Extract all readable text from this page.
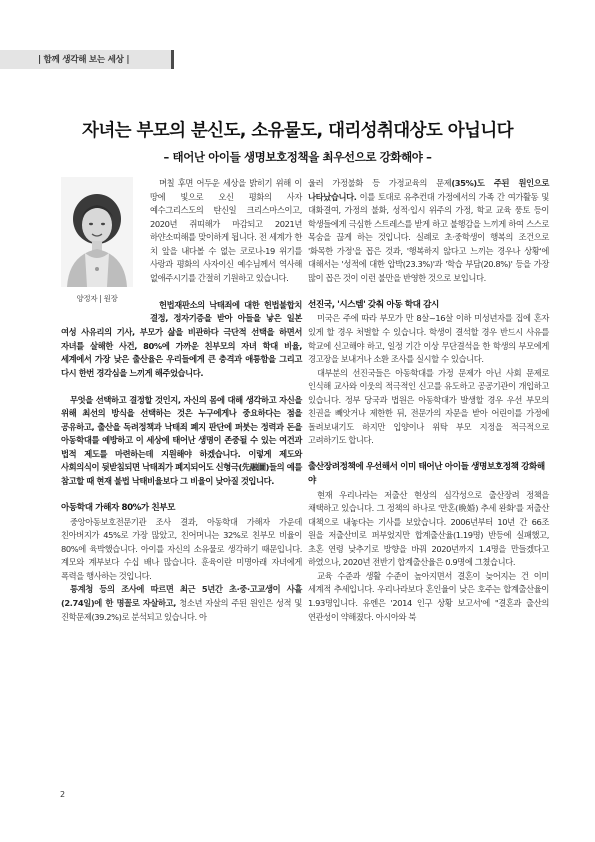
| 함께 생각해 보는 세상 |
자녀는 부모의 분신도, 소유물도, 대리성취대상도 아닙니다
– 태어난 아이들 생명보호정책을 최우선으로 강화해야 –
양정자 | 원장

며칠 후면 어두운 세상을 밝히기 위해 이 땅에 빛으로 오신 평화의 사자 예수그리스도의 탄신일 크리스마스이고, 2020년 쥐띠해가 마감되고 2021년 하얀소띠해를 맞이하게 됩니다. 전 세계가 한 치 앞을 내다볼 수 없는 코로나-19 위기를 사랑과 평화의 사자이신 예수님께서 역사해 없애주시기를 간절히 기원하고 있습니다.

헌법재판소의 낙태죄에 대한 헌법불합치 결정, 정자기증을 받아 아들을 낳은 일본 여성 사유리의 기사, 부모가 삶을 비관하다 극단적 선택을 하면서 자녀를 살해한 사건, 80%에 가까운 친부모의 자녀 학대 비율, 세계에서 가장 낮은 출산율은 우리들에게 큰 충격과 애통함을 그리고 다시 한번 경각심을 느끼게 해주었습니다.

무엇을 선택하고 결정할 것인지, 자신의 몸에 대해 생각하고 자신을 위해 최선의 방식을 선택하는 것은 누구에게나 중요하다는 점을 공유하고, 출산을 독려정책과 낙태죄 폐지 판단에 퍼붓는 정력과 돈을 아동학대를 예방하고 이 세상에 태어난 생명이 존중될 수 있는 여건과 법적 제도를 마련하는데 지원해야 하겠습니다. 이렇게 제도와 사회의식이 뒷받침되면 낙태죄가 폐지되어도 신형극(先融圖)들의 예를 참고할 때 현재 불법 낙태비율보다 그 비율이 낮아질 것입니다.

아동학대 가해자 80%가 친부모

중앙아동보호전문기관 조사 결과, 아동학대 가해자 가운데 친아버지가 45%로 가장 많았고, 친어머니는 32%로 친부모 비율이 80%에 육박했습니다. 아이를 자신의 소유물로 생각하기 때문입니다. 계모와 계부보다 수십 배나 많습니다. 훈육이란 미명아래 자녀에게 폭력을 행사하는 것입니다.

통계청 등의 조사에 따르면 최근 5년간 초·중·고교생이 사흘(2.74일)에 한 명꼴로 자살하고, 청소년 자살의 주된 원인은 성적 및 진학문제(39.2%)로 분석되고 있습니다. 아

울러 가정불화 등 가정교육의 문제(35%)도 주된 원인으로 나타났습니다. 이를 토대로 유추컨대 가정에서의 가족 간 여가활동 및 대화결여, 가정의 불화, 성적·입시 위주의 가정, 학교 교육 풍토 등이 학생들에게 극심한 스트레스를 받게 하고 불행감을 느끼게 하여 스스로 목숨을 끊게 하는 것입니다. 실례로 초·중학생이 행복의 조건으로 '화목한 가정'을 꼽은 것과, '행복하지 않다고 느끼는 경우나 상황'에 대해서는 '성적에 대한 압박(23.3%)'과 '학습 부담(20.8%)' 등을 가장 많이 꼽은 것이 이런 불만을 반영한 것으로 보입니다.

선진국, '시스템' 갖춰 아동 학대 감시

미국은 주에 따라 부모가 만 8살~16살 이하 미성년자를 집에 혼자 있게 할 경우 처벌할 수 있습니다. 학생이 결석할 경우 반드시 사유를 학교에 신고해야 하고, 일정 기간 이상 무단결석을 한 학생의 부모에게 경고장을 보내거나 소환 조사를 실시할 수 있습니다.

대부분의 선진국들은 아동학대를 가정 문제가 아닌 사회 문제로 인식해 교사와 이웃의 적극적인 신고를 유도하고 공공기관이 개입하고 있습니다. 정부 당국과 법원은 아동학대가 발생할 경우 우선 부모의 친권을 빼앗거나 제한한 뒤, 전문가의 자문을 받아 어린이를 가정에 돌려보내기도 하지만 입양이나 위탁 부모 지정을 적극적으로 고려하기도 합니다.

출산장려정책에 우선해서 이미 태어난 아이들 생명보호정책 강화해야

현재 우리나라는 저출산 현상의 심각성으로 출산장려 정책을 채택하고 있습니다. 그 정책의 하나로 '만혼(晩婚) 추세 완화'를 저출산 대책으로 내놓다는 기사를 보았습니다. 2006년부터 10년 간 66조 원을 저출산비로 퍼부었지만 합계출산율(1.19명) 반등에 실패했고, 초혼 연령 낮추기로 방향을 바꿔 2020년까지 1.4명을 만들겠다고 하였으나, 2020년 전반기 합계출산율은 0.9명에 그쳤습니다.

교육 수준과 생활 수준이 높아지면서 결혼이 늦어지는 건 이미 세계적 추세입니다. 우리나라보다 혼인율이 낮은 호주는 합계출산율이 1.93명입니다. 유엔은 '2014 인구 상황 보고서'에 "결혼과 출산의 연관성이 약해졌다. 아시아와 북

2
